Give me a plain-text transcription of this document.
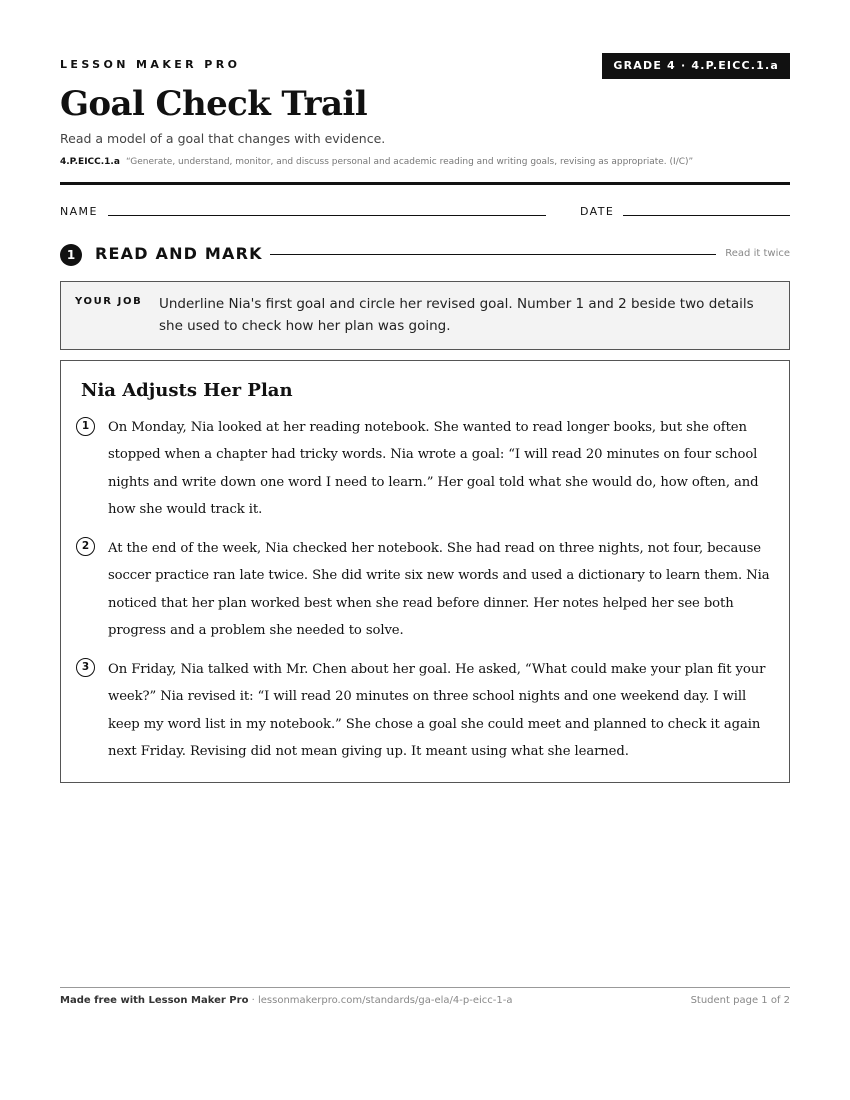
LESSON MAKER PRO	GRADE 4 · 4.P.EICC.1.a
Goal Check Trail
Read a model of a goal that changes with evidence.
4.P.EICC.1.a “Generate, understand, monitor, and discuss personal and academic reading and writing goals, revising as appropriate. (I/C)”
NAME	DATE
1	READ AND MARK	Read it twice
YOUR JOB Underline Nia's first goal and circle her revised goal. Number 1 and 2 beside two details she used to check how her plan was going.
Nia Adjusts Her Plan
1	On Monday, Nia looked at her reading notebook. She wanted to read longer books, but she often stopped when a chapter had tricky words. Nia wrote a goal: “I will read 20 minutes on four school nights and write down one word I need to learn.” Her goal told what she would do, how often, and how she would track it.

2	At the end of the week, Nia checked her notebook. She had read on three nights, not four, because soccer practice ran late twice. She did write six new words and used a dictionary to learn them. Nia noticed that her plan worked best when she read before dinner. Her notes helped her see both progress and a problem she needed to solve.

3	On Friday, Nia talked with Mr. Chen about her goal. He asked, “What could make your plan fit your week?” Nia revised it: “I will read 20 minutes on three school nights and one weekend day. I will keep my word list in my notebook.” She chose a goal she could meet and planned to check it again next Friday. Revising did not mean giving up. It meant using what she learned.

Made free with Lesson Maker Pro · lessonmakerpro.com/standards/ga-ela/4-p-eicc-1-a	Student page 1 of 2
